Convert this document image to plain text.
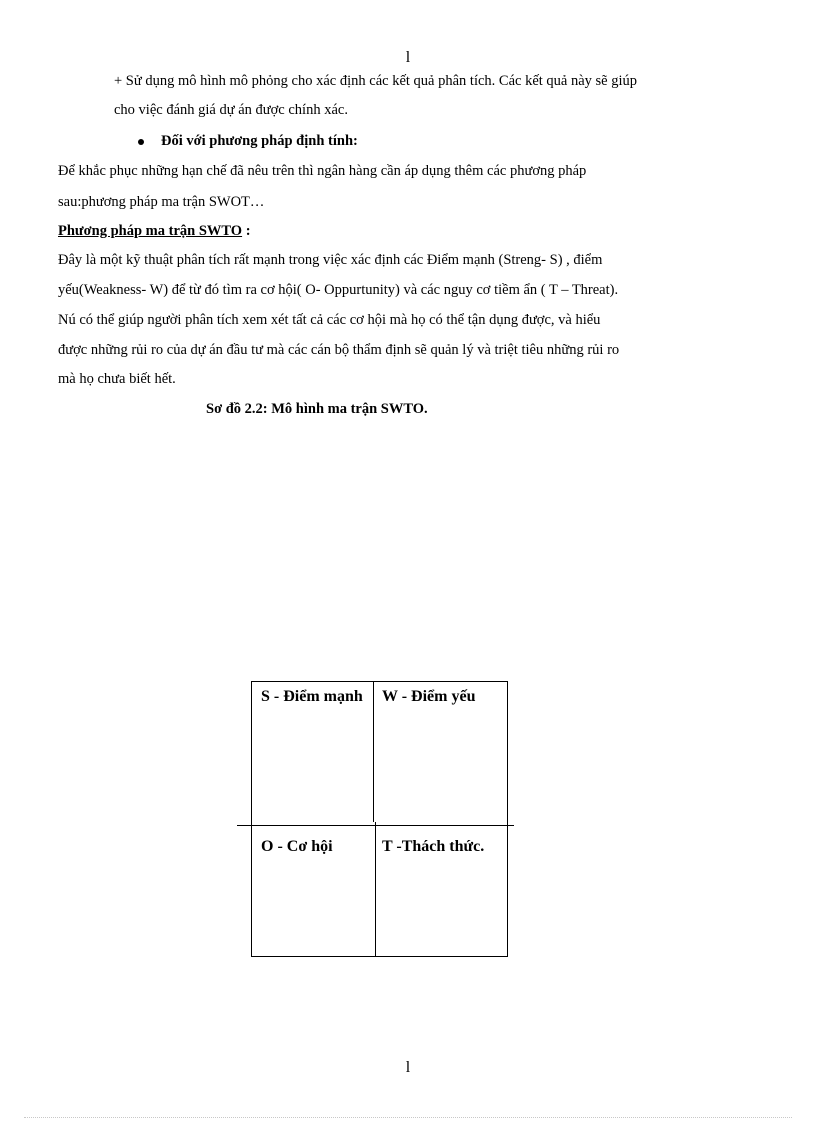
l
+ Sử dụng mô hình mô phỏng cho xác định các kết quả phân tích. Các kết quả này sẽ giúp
cho việc đánh giá dự án được chính xác.
Đối với phương pháp định tính:
Để khắc phục những hạn chế đã nêu trên thì ngân hàng cần áp dụng thêm các phương pháp
sau:phương pháp ma trận SWOT…
Phương pháp ma trận SWTO :
Đây là một kỹ thuật phân tích rất mạnh trong việc xác định các Điểm mạnh (Streng- S) , điểm
yếu(Weakness- W) để từ đó tìm ra cơ hội( O- Oppurtunity) và các nguy cơ tiềm ẩn ( T – Threat).
Nú có thể giúp người phân tích xem xét tất cả các cơ hội mà họ có thể tận dụng được, và hiểu
được những rủi ro của dự án đầu tư mà các cán bộ thẩm định sẽ quản lý và triệt tiêu những rủi ro
mà họ chưa biết hết.
Sơ đồ 2.2: Mô hình ma trận SWTO.
S - Điểm mạnh W - Điểm yếu
O - Cơ hội	T -Thách thức.
l
